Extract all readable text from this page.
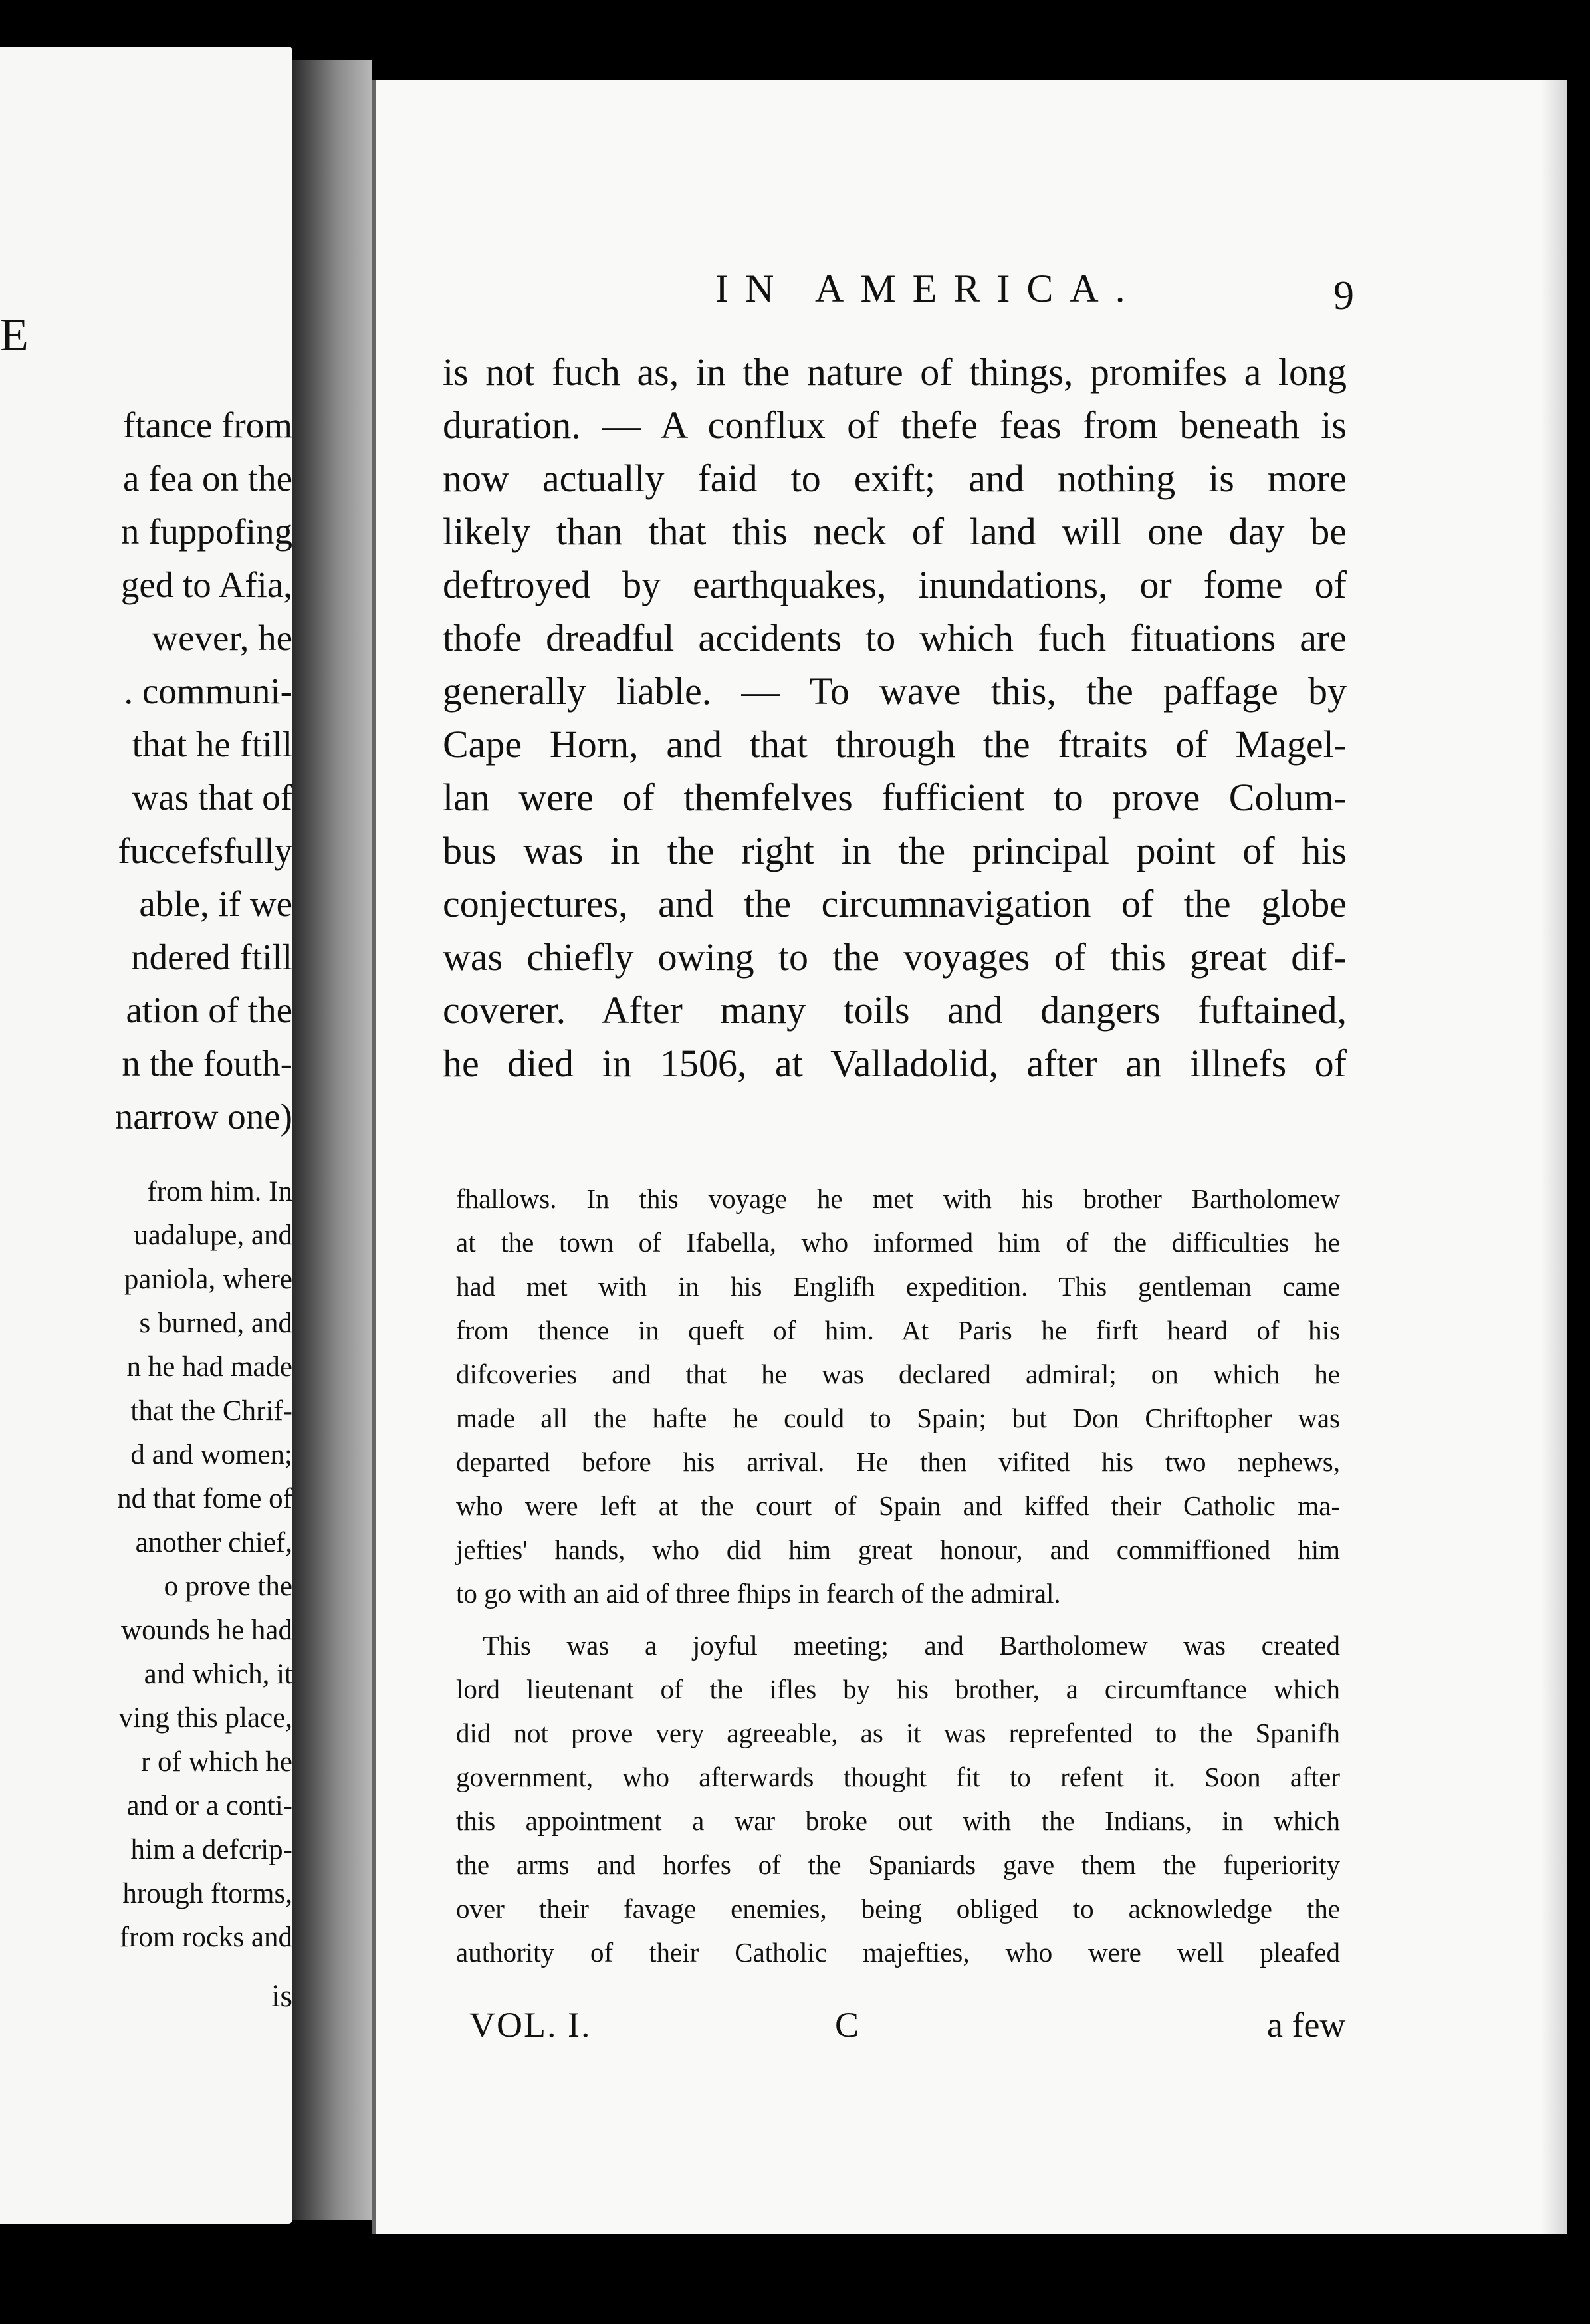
E
ftance from
a fea on the
n fuppofing
ged to Afia,
wever, he
. communi-
that he ftill
was that of
fuccefsfully
able, if we
ndered ftill
ation of the
n the fouth-
narrow one)
from him. In
uadalupe, and
paniola, where
s burned, and
n he had made
that the Chrif-
d and women;
nd that fome of
another chief,
o prove the
wounds he had
and which, it
ving this place,
r of which he
and or a conti-
him a defcrip-
hrough ftorms,
from rocks and
is
IN AMERICA.	9
is not fuch as, in the nature of things, promifes a long
duration. — A conflux of thefe feas from beneath is
now actually faid to exift; and nothing is more
likely than that this neck of land will one day be
deftroyed by earthquakes, inundations, or fome of
thofe dreadful accidents to which fuch fituations are
generally liable. — To wave this, the paffage by
Cape Horn, and that through the ftraits of Magel-
lan were of themfelves fufficient to prove Colum-
bus was in the right in the principal point of his
conjectures, and the circumnavigation of the globe
was chiefly owing to the voyages of this great dif-
coverer. After many toils and dangers fuftained,
he died in 1506, at Valladolid, after an illnefs of
fhallows. In this voyage he met with his brother Bartholomew
at the town of Ifabella, who informed him of the difficulties he
had met with in his Englifh expedition. This gentleman came
from thence in queft of him. At Paris he firft heard of his
difcoveries and that he was declared admiral; on which he
made all the hafte he could to Spain; but Don Chriftopher was
departed before his arrival. He then vifited his two nephews,
who were left at the court of Spain and kiffed their Catholic ma-
jefties' hands, who did him great honour, and commiffioned him
to go with an aid of three fhips in fearch of the admiral.
This was a joyful meeting; and Bartholomew was created
lord lieutenant of the ifles by his brother, a circumftance which
did not prove very agreeable, as it was reprefented to the Spanifh
government, who afterwards thought fit to refent it. Soon after
this appointment a war broke out with the Indians, in which
the arms and horfes of the Spaniards gave them the fuperiority
over their favage enemies, being obliged to acknowledge the
authority of their Catholic majefties, who were well pleafed
VOL. I.	C	a few
